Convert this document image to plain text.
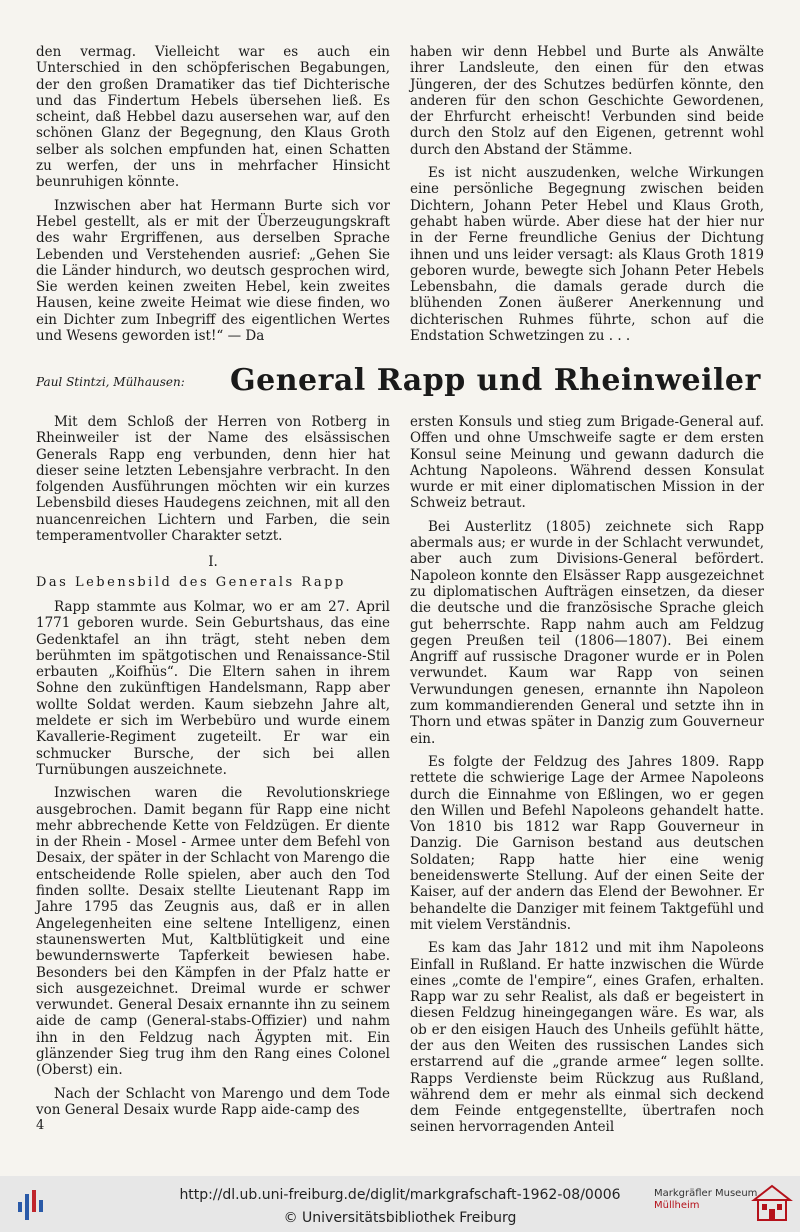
den vermag. Vielleicht war es auch ein Unterschied in den schöpferischen Begabungen, der den großen Dramatiker das tief Dichterische und das Findertum Hebels übersehen ließ. Es scheint, daß Hebbel dazu ausersehen war, auf den schönen Glanz der Begegnung, den Klaus Groth selber als solchen empfunden hat, einen Schatten zu werfen, der uns in mehrfacher Hinsicht beunruhigen könnte.

Inzwischen aber hat Hermann Burte sich vor Hebel gestellt, als er mit der Überzeugungskraft des wahr Ergriffenen, aus derselben Sprache Lebenden und Verstehenden ausrief: „Gehen Sie die Länder hindurch, wo deutsch gesprochen wird, Sie werden keinen zweiten Hebel, kein zweites Hausen, keine zweite Heimat wie diese finden, wo ein Dichter zum Inbegriff des eigentlichen Wertes und Wesens geworden ist!“ — Da

haben wir denn Hebbel und Burte als Anwälte ihrer Landsleute, den einen für den etwas Jüngeren, der des Schutzes bedürfen könnte, den anderen für den schon Geschichte Gewordenen, der Ehrfurcht erheischt! Verbunden sind beide durch den Stolz auf den Eigenen, getrennt wohl durch den Abstand der Stämme.

Es ist nicht auszudenken, welche Wirkungen eine persönliche Begegnung zwischen beiden Dichtern, Johann Peter Hebel und Klaus Groth, gehabt haben würde. Aber diese hat der hier nur in der Ferne freundliche Genius der Dichtung ihnen und uns leider versagt: als Klaus Groth 1819 geboren wurde, bewegte sich Johann Peter Hebels Lebensbahn, die damals gerade durch die blühenden Zonen äußerer Anerkennung und dichterischen Ruhmes führte, schon auf die Endstation Schwetzingen zu . . .

Paul Stintzi, Mülhausen: General Rapp und Rheinweiler

Mit dem Schloß der Herren von Rotberg in Rheinweiler ist der Name des elsässischen Generals Rapp eng verbunden, denn hier hat dieser seine letzten Lebensjahre verbracht. In den folgenden Ausführungen möchten wir ein kurzes Lebensbild dieses Haudegens zeichnen, mit all den nuancenreichen Lichtern und Farben, die sein temperamentvoller Charakter setzt.

I.
Das Lebensbild des Generals Rapp

Rapp stammte aus Kolmar, wo er am 27. April 1771 geboren wurde. Sein Geburtshaus, das eine Gedenktafel an ihn trägt, steht neben dem berühmten im spätgotischen und Renaissance-Stil erbauten „Koifhüs“. Die Eltern sahen in ihrem Sohne den zukünftigen Handelsmann, Rapp aber wollte Soldat werden. Kaum siebzehn Jahre alt, meldete er sich im Werbebüro und wurde einem Kavallerie-Regiment zugeteilt. Er war ein schmucker Bursche, der sich bei allen Turnübungen auszeichnete.

Inzwischen waren die Revolutionskriege ausgebrochen. Damit begann für Rapp eine nicht mehr abbrechende Kette von Feldzügen. Er diente in der Rhein - Mosel - Armee unter dem Befehl von Desaix, der später in der Schlacht von Marengo die entscheidende Rolle spielen, aber auch den Tod finden sollte. Desaix stellte Lieutenant Rapp im Jahre 1795 das Zeugnis aus, daß er in allen Angelegenheiten eine seltene Intelligenz, einen staunenswerten Mut, Kaltblütigkeit und eine bewundernswerte Tapferkeit bewiesen habe. Besonders bei den Kämpfen in der Pfalz hatte er sich ausgezeichnet. Dreimal wurde er schwer verwundet. General Desaix ernannte ihn zu seinem aide de camp (General-stabs-Offizier) und nahm ihn in den Feldzug nach Ägypten mit. Ein glänzender Sieg trug ihm den Rang eines Colonel (Oberst) ein.

Nach der Schlacht von Marengo und dem Tode von General Desaix wurde Rapp aide-camp des

ersten Konsuls und stieg zum Brigade-General auf. Offen und ohne Umschweife sagte er dem ersten Konsul seine Meinung und gewann dadurch die Achtung Napoleons. Während dessen Konsulat wurde er mit einer diplomatischen Mission in der Schweiz betraut.

Bei Austerlitz (1805) zeichnete sich Rapp abermals aus; er wurde in der Schlacht verwundet, aber auch zum Divisions-General befördert. Napoleon konnte den Elsässer Rapp ausgezeichnet zu diplomatischen Aufträgen einsetzen, da dieser die deutsche und die französische Sprache gleich gut beherrschte. Rapp nahm auch am Feldzug gegen Preußen teil (1806—1807). Bei einem Angriff auf russische Dragoner wurde er in Polen verwundet. Kaum war Rapp von seinen Verwundungen genesen, ernannte ihn Napoleon zum kommandierenden General und setzte ihn in Thorn und etwas später in Danzig zum Gouverneur ein.

Es folgte der Feldzug des Jahres 1809. Rapp rettete die schwierige Lage der Armee Napoleons durch die Einnahme von Eßlingen, wo er gegen den Willen und Befehl Napoleons gehandelt hatte. Von 1810 bis 1812 war Rapp Gouverneur in Danzig. Die Garnison bestand aus deutschen Soldaten; Rapp hatte hier eine wenig beneidenswerte Stellung. Auf der einen Seite der Kaiser, auf der andern das Elend der Bewohner. Er behandelte die Danziger mit feinem Taktgefühl und mit vielem Verständnis.

Es kam das Jahr 1812 und mit ihm Napoleons Einfall in Rußland. Er hatte inzwischen die Würde eines „comte de l'empire“, eines Grafen, erhalten. Rapp war zu sehr Realist, als daß er begeistert in diesen Feldzug hineingegangen wäre. Es war, als ob er den eisigen Hauch des Unheils gefühlt hätte, der aus den Weiten des russischen Landes sich erstarrend auf die „grande armee“ legen sollte. Rapps Verdienste beim Rückzug aus Rußland, während dem er mehr als einmal sich deckend dem Feinde entgegenstellte, übertrafen noch seinen hervorragenden Anteil

4
http://dl.ub.uni-freiburg.de/diglit/markgrafschaft-1962-08/0006
© Universitätsbibliothek Freiburg
Markgräfler Museum
Müllheim
